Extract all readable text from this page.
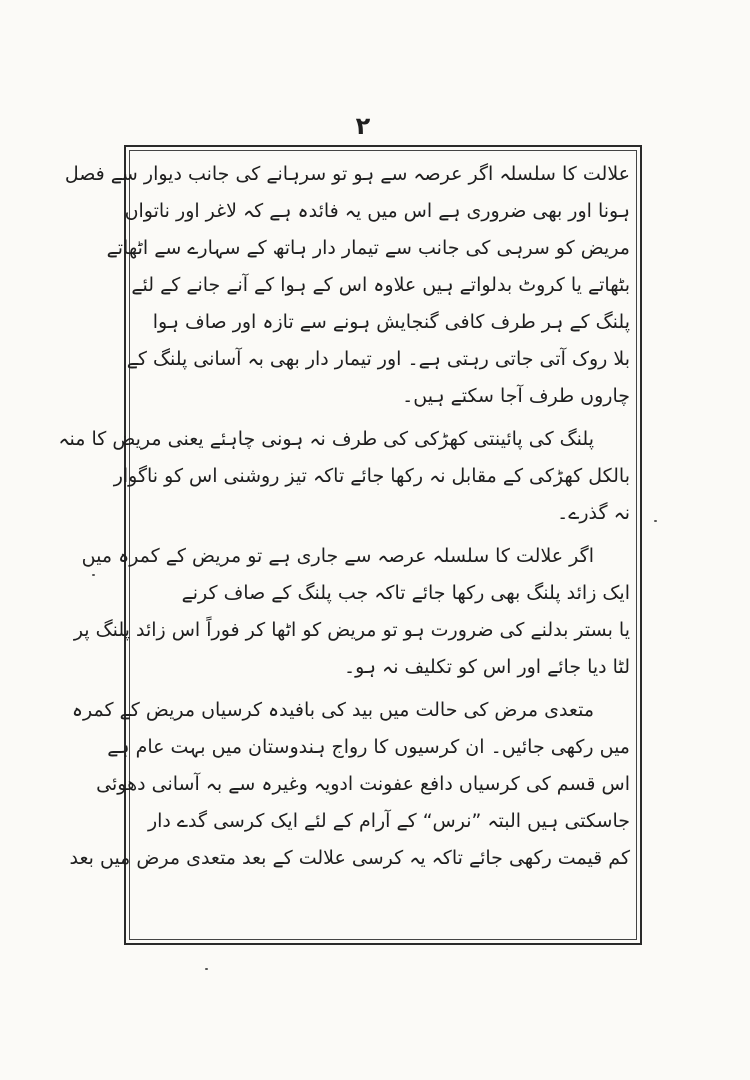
۲
علالت کا سلسلہ اگر عرصہ سے ہو تو سرہانے کی جانب دیوار سے فصل
ہونا اور بھی ضروری ہے اس میں یہ فائدہ ہے کہ لاغر اور ناتواں
مریض کو سرہی کی جانب سے تیمار دار ہاتھ کے سہارے سے اٹھاتے
بٹھاتے یا کروٹ بدلواتے ہیں علاوہ اس کے ہوا کے آنے جانے کے لئے
پلنگ کے ہر طرف کافی گنجایش ہونے سے تازہ اور صاف ہوا
بلا روک آتی جاتی رہتی ہے۔ اور تیمار دار بھی بہ آسانی پلنگ کے
چاروں طرف آجا سکتے ہیں۔
پلنگ کی پائینتی کھڑکی کی طرف نہ ہونی چاہئے یعنی مریض کا منہ
بالکل کھڑکی کے مقابل نہ رکھا جائے تاکہ تیز روشنی اس کو ناگوار
نہ گذرے۔
اگر علالت کا سلسلہ عرصہ سے جاری ہے تو مریض کے کمرہ میں
ایک زائد پلنگ بھی رکھا جائے تاکہ جب پلنگ کے صاف کرنے
یا بستر بدلنے کی ضرورت ہو تو مریض کو اٹھا کر فوراً اس زائد پلنگ پر
لٹا دیا جائے اور اس کو تکلیف نہ ہو۔
متعدی مرض کی حالت میں بید کی بافیدہ کرسیاں مریض کے کمرہ
میں رکھی جائیں۔ ان کرسیوں کا رواج ہندوستان میں بہت عام ہے
اس قسم کی کرسیاں دافع عفونت ادویہ وغیرہ سے بہ آسانی دھوئی
جاسکتی ہیں البتہ ”نرس“ کے آرام کے لئے ایک کرسی گدے دار
کم قیمت رکھی جائے تاکہ یہ کرسی علالت کے بعد متعدی مرض میں بعد
